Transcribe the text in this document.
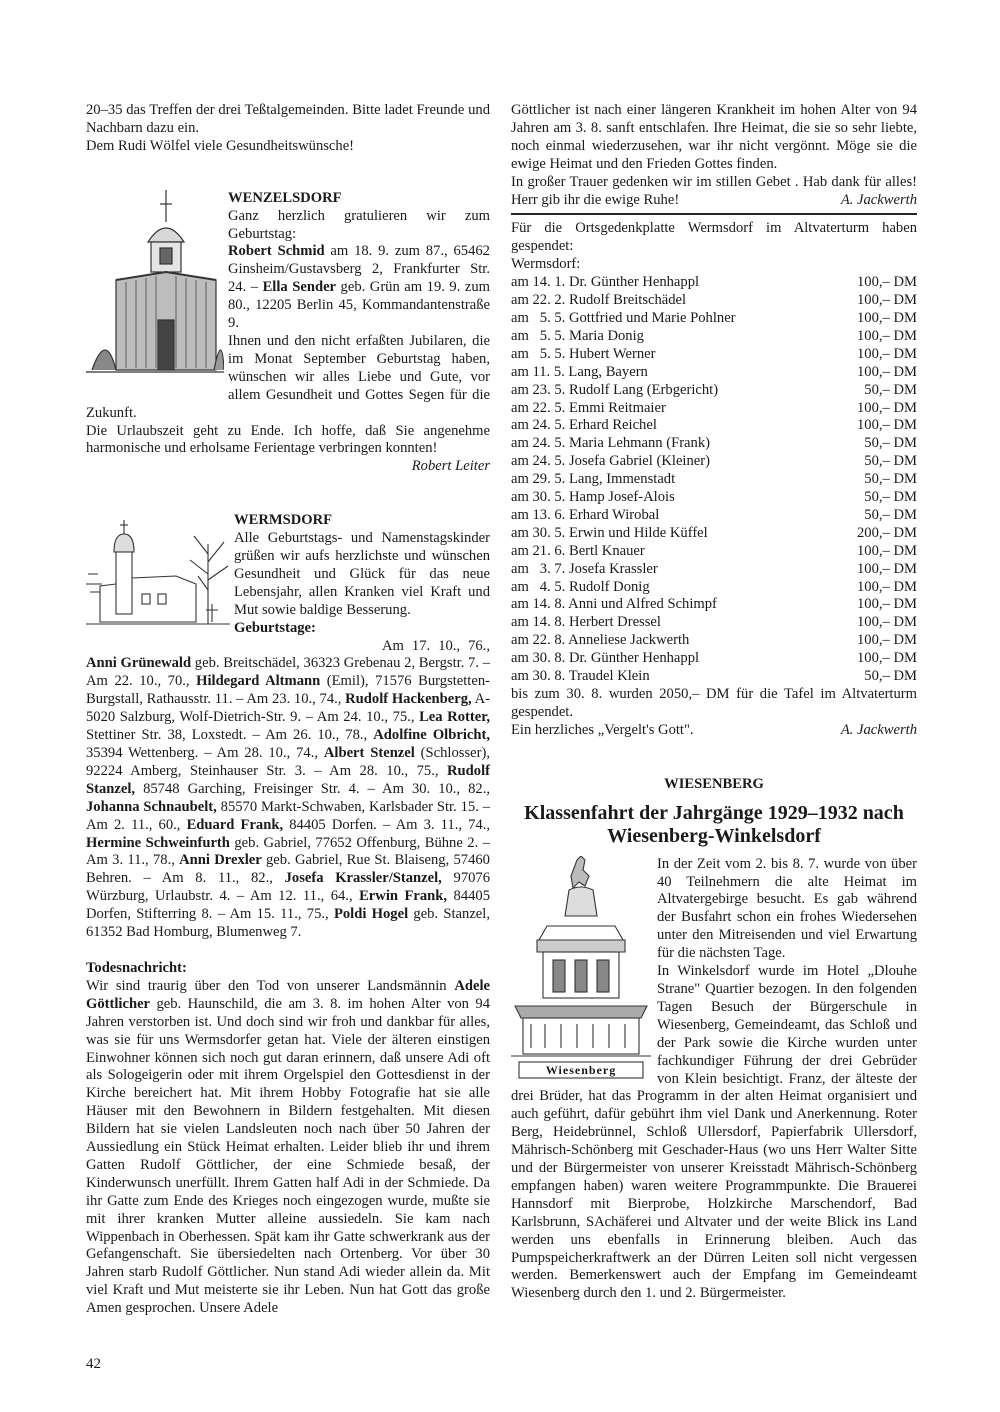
20–35 das Treffen der drei Teßtalgemeinden. Bitte ladet Freunde und Nachbarn dazu ein.

Dem Rudi Wölfel viele Gesundheitswünsche!

WENZELSDORF

Ganz herzlich gratulieren wir zum Geburtstag:

Robert Schmid am 18. 9. zum 87., 65462 Ginsheim/Gustavsberg 2, Frankfurter Str. 24. – Ella Sender geb. Grün am 19. 9. zum 80., 12205 Berlin 45, Kommandantenstraße 9.

Ihnen und den nicht erfaßten Jubilaren, die im Monat September Geburtstag haben, wünschen wir alles Liebe und Gute, vor allem Gesundheit und Gottes Segen für die Zukunft.

Die Urlaubszeit geht zu Ende. Ich hoffe, daß Sie angenehme harmonische und erholsame Ferientage verbringen konnten!

Robert Leiter

WERMSDORF

Alle Geburtstags- und Namenstagskinder grüßen wir aufs herzlichste und wünschen Gesundheit und Glück für das neue Lebensjahr, allen Kranken viel Kraft und Mut sowie baldige Besserung.

Geburtstage:

Am 17. 10., 76., Anni Grünewald geb. Breitschädel, 36323 Grebenau 2, Bergstr. 7. – Am 22. 10., 70., Hildegard Altmann (Emil), 71576 Burgstetten-Burgstall, Rathausstr. 11. – Am 23. 10., 74., Rudolf Hackenberg, A-5020 Salzburg, Wolf-Dietrich-Str. 9. – Am 24. 10., 75., Lea Rotter, Stettiner Str. 38, Loxstedt. – Am 26. 10., 78., Adolfine Olbricht, 35394 Wettenberg. – Am 28. 10., 74., Albert Stenzel (Schlosser), 92224 Amberg, Steinhauser Str. 3. – Am 28. 10., 75., Rudolf Stanzel, 85748 Garching, Freisinger Str. 4. – Am 30. 10., 82., Johanna Schnaubelt, 85570 Markt-Schwaben, Karlsbader Str. 15. – Am 2. 11., 60., Eduard Frank, 84405 Dorfen. – Am 3. 11., 74., Hermine Schweinfurth geb. Gabriel, 77652 Offenburg, Bühne 2. – Am 3. 11., 78., Anni Drexler geb. Gabriel, Rue St. Blaiseng, 57460 Behren. – Am 8. 11., 82., Josefa Krassler/Stanzel, 97076 Würzburg, Urlaubstr. 4. – Am 12. 11., 64., Erwin Frank, 84405 Dorfen, Stifterring 8. – Am 15. 11., 75., Poldi Hogel geb. Stanzel, 61352 Bad Homburg, Blumenweg 7.

Todesnachricht:

Wir sind traurig über den Tod von unserer Landsmännin Adele Göttlicher geb. Haunschild, die am 3. 8. im hohen Alter von 94 Jahren verstorben ist. Und doch sind wir froh und dankbar für alles, was sie für uns Wermsdorfer getan hat. Viele der älteren einstigen Einwohner können sich noch gut daran erinnern, daß unsere Adi oft als Sologeigerin oder mit ihrem Orgelspiel den Gottesdienst in der Kirche bereichert hat. Mit ihrem Hobby Fotografie hat sie alle Häuser mit den Bewohnern in Bildern festgehalten. Mit diesen Bildern hat sie vielen Landsleuten noch nach über 50 Jahren der Aussiedlung ein Stück Heimat erhalten. Leider blieb ihr und ihrem Gatten Rudolf Göttlicher, der eine Schmiede besaß, der Kinderwunsch unerfüllt. Ihrem Gatten half Adi in der Schmiede. Da ihr Gatte zum Ende des Krieges noch eingezogen wurde, mußte sie mit ihrer kranken Mutter alleine aussiedeln. Sie kam nach Wippenbach in Oberhessen. Spät kam ihr Gatte schwerkrank aus der Gefangenschaft. Sie übersiedelten nach Ortenberg. Vor über 30 Jahren starb Rudolf Göttlicher. Nun stand Adi wieder allein da. Mit viel Kraft und Mut meisterte sie ihr Leben. Nun hat Gott das große Amen gesprochen. Unsere Adele

Göttlicher ist nach einer längeren Krankheit im hohen Alter von 94 Jahren am 3. 8. sanft entschlafen. Ihre Heimat, die sie so sehr liebte, noch einmal wiederzusehen, war ihr nicht vergönnt. Möge sie die ewige Heimat und den Frieden Gottes finden.

In großer Trauer gedenken wir im stillen Gebet . Hab dank für alles! Herr gib ihr die ewige Ruhe!	A. Jackwerth

Für die Ortsgedenkplatte Wermsdorf im Altvaterturm haben gespendet:

Wermsdorf:

am 14. 1. Dr. Günther Henhappl	100,– DM
am 22. 2. Rudolf Breitschädel	100,– DM
am   5. 5. Gottfried und Marie Pohlner	100,– DM
am   5. 5. Maria Donig	100,– DM
am   5. 5. Hubert Werner	100,– DM
am 11. 5. Lang, Bayern	100,– DM
am 23. 5. Rudolf Lang (Erbgericht)	50,– DM
am 22. 5. Emmi Reitmaier	100,– DM
am 24. 5. Erhard Reichel	100,– DM
am 24. 5. Maria Lehmann (Frank)	50,– DM
am 24. 5. Josefa Gabriel (Kleiner)	50,– DM
am 29. 5. Lang, Immenstadt	50,– DM
am 30. 5. Hamp Josef-Alois	50,– DM
am 13. 6. Erhard Wirobal	50,– DM
am 30. 5. Erwin und Hilde Küffel	200,– DM
am 21. 6. Bertl Knauer	100,– DM
am   3. 7. Josefa Krassler	100,– DM
am   4. 5. Rudolf Donig	100,– DM
am 14. 8. Anni und Alfred Schimpf	100,– DM
am 14. 8. Herbert Dressel	100,– DM
am 22. 8. Anneliese Jackwerth	100,– DM
am 30. 8. Dr. Günther Henhappl	100,– DM
am 30. 8. Traudel Klein	50,– DM

bis zum 30. 8. wurden 2050,– DM für die Tafel im Altvaterturm gespendet.

Ein herzliches „Vergelt's Gott".	A. Jackwerth

WIESENBERG

Klassenfahrt der Jahrgänge 1929–1932 nach Wiesenberg-Winkelsdorf

Wiesenberg

In der Zeit vom 2. bis 8. 7. wurde von über 40 Teilnehmern die alte Heimat im Altvatergebirge besucht. Es gab während der Busfahrt schon ein frohes Wiedersehen unter den Mitreisenden und viel Erwartung für die nächsten Tage.

In Winkelsdorf wurde im Hotel „Dlouhe Strane" Quartier bezogen. In den folgenden Tagen Besuch der Bürgerschule in Wiesenberg, Gemeindeamt, das Schloß und der Park sowie die Kirche wurden unter fachkundiger Führung der drei Gebrüder von Klein besichtigt. Franz, der älteste der drei Brüder, hat das Programm in der alten Heimat organisiert und auch geführt, dafür gebührt ihm viel Dank und Anerkennung. Roter Berg, Heidebrünnel, Schloß Ullersdorf, Papierfabrik Ullersdorf, Mährisch-Schönberg mit Geschader-Haus (wo uns Herr Walter Sitte und der Bürgermeister von unserer Kreisstadt Mährisch-Schönberg empfangen haben) waren weitere Programmpunkte. Die Brauerei Hannsdorf mit Bierprobe, Holzkirche Marschendorf, Bad Karlsbrunn, SAchäferei und Altvater und der weite Blick ins Land werden uns ebenfalls in Erinnerung bleiben. Auch das Pumpspeicherkraftwerk an der Dürren Leiten soll nicht vergessen werden. Bemerkenswert auch der Empfang im Gemeindeamt Wiesenberg durch den 1. und 2. Bürgermeister.

42
